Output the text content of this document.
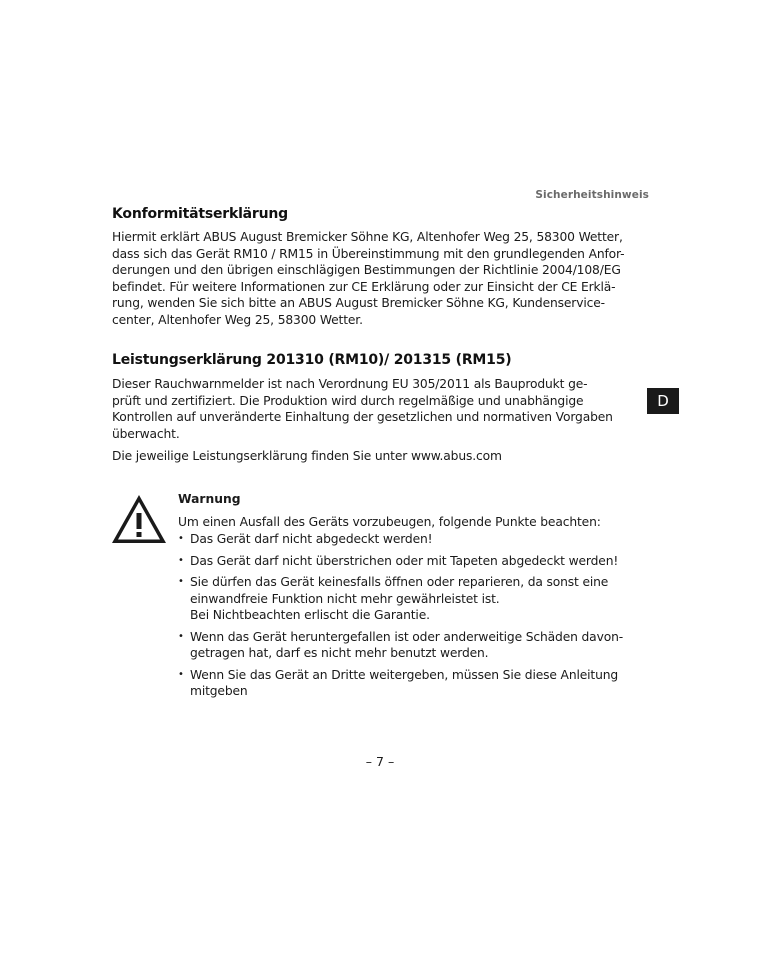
Sicherheitshinweis
Konformitätserklärung

Hiermit erklärt ABUS August Bremicker Söhne KG, Altenhofer Weg 25, 58300 Wetter,
dass sich das Gerät RM10 / RM15 in Übereinstimmung mit den grundlegenden Anfor-
derungen und den übrigen einschlägigen Bestimmungen der Richtlinie 2004/108/EG
befindet. Für weitere Informationen zur CE Erklärung oder zur Einsicht der CE Erklä-
rung, wenden Sie sich bitte an ABUS August Bremicker Söhne KG, Kundenservice-
center, Altenhofer Weg 25, 58300 Wetter.

Leistungserklärung 201310 (RM10)/ 201315 (RM15)

Dieser Rauchwarnmelder ist nach Verordnung EU 305/2011 als Bauprodukt ge-
prüft und zertifiziert. Die Produktion wird durch regelmäßige und unabhängige
Kontrollen auf unveränderte Einhaltung der gesetzlichen und normativen Vorgaben
überwacht.

Die jeweilige Leistungserklärung finden Sie unter www.abus.com

D
Warnung

Um einen Ausfall des Geräts vorzubeugen, folgende Punkte beachten:

• Das Gerät darf nicht abgedeckt werden!
• Das Gerät darf nicht überstrichen oder mit Tapeten abgedeckt werden!
• Sie dürfen das Gerät keinesfalls öffnen oder reparieren, da sonst eine
einwandfreie Funktion nicht mehr gewährleistet ist.
Bei Nichtbeachten erlischt die Garantie.
• Wenn das Gerät heruntergefallen ist oder anderweitige Schäden davon-
getragen hat, darf es nicht mehr benutzt werden.
• Wenn Sie das Gerät an Dritte weitergeben, müssen Sie diese Anleitung
mitgeben
– 7 –
